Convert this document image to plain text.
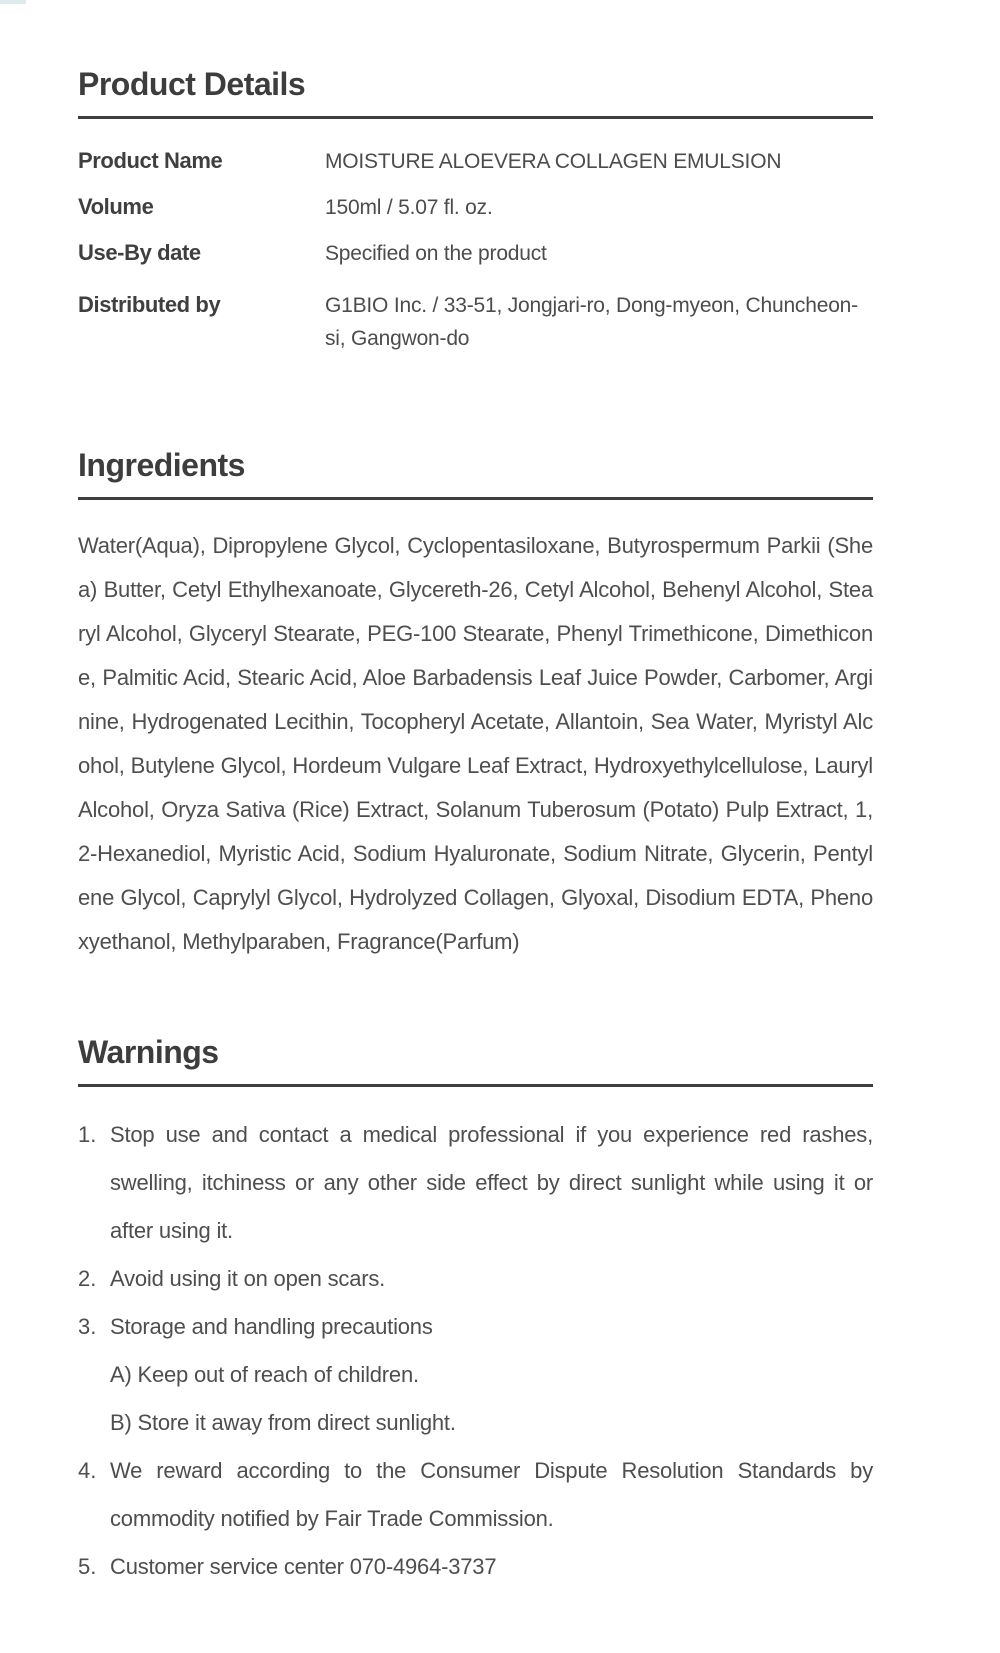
Product Details
Product Name	MOISTURE ALOEVERA COLLAGEN EMULSION
Volume	150ml / 5.07 fl. oz.
Use-By date	Specified on the product
Distributed by	G1BIO Inc. / 33-51, Jongjari-ro, Dong-myeon, Chuncheon-si, Gangwon-do
Ingredients

Water(Aqua), Dipropylene Glycol, Cyclopentasiloxane, Butyrospermum Parkii (Shea) Butter, Cetyl Ethylhexanoate, Glycereth-26, Cetyl Alcohol, Behenyl Alcohol, Stearyl Alcohol, Glyceryl Stearate, PEG-100 Stearate, Phenyl Trimethicone, Dimethicone, Palmitic Acid, Stearic Acid, Aloe Barbadensis Leaf Juice Powder, Carbomer, Arginine, Hydrogenated Lecithin, Tocopheryl Acetate, Allantoin, Sea Water, Myristyl Alcohol, Butylene Glycol, Hordeum Vulgare Leaf Extract, Hydroxyethylcellulose, Lauryl Alcohol, Oryza Sativa (Rice) Extract, Solanum Tuberosum (Potato) Pulp Extract, 1,2-Hexanediol, Myristic Acid, Sodium Hyaluronate, Sodium Nitrate, Glycerin, Pentylene Glycol, Caprylyl Glycol, Hydrolyzed Collagen, Glyoxal, Disodium EDTA, Phenoxyethanol, Methylparaben, Fragrance(Parfum)

Warnings
1. Stop use and contact a medical professional if you experience red rashes, swelling, itchiness or any other side effect by direct sunlight while using it or after using it.
2. Avoid using it on open scars.
3. Storage and handling precautions
A) Keep out of reach of children.
B) Store it away from direct sunlight.
4. We reward according to the Consumer Dispute Resolution Standards by commodity notified by Fair Trade Commission.
5. Customer service center 070-4964-3737
